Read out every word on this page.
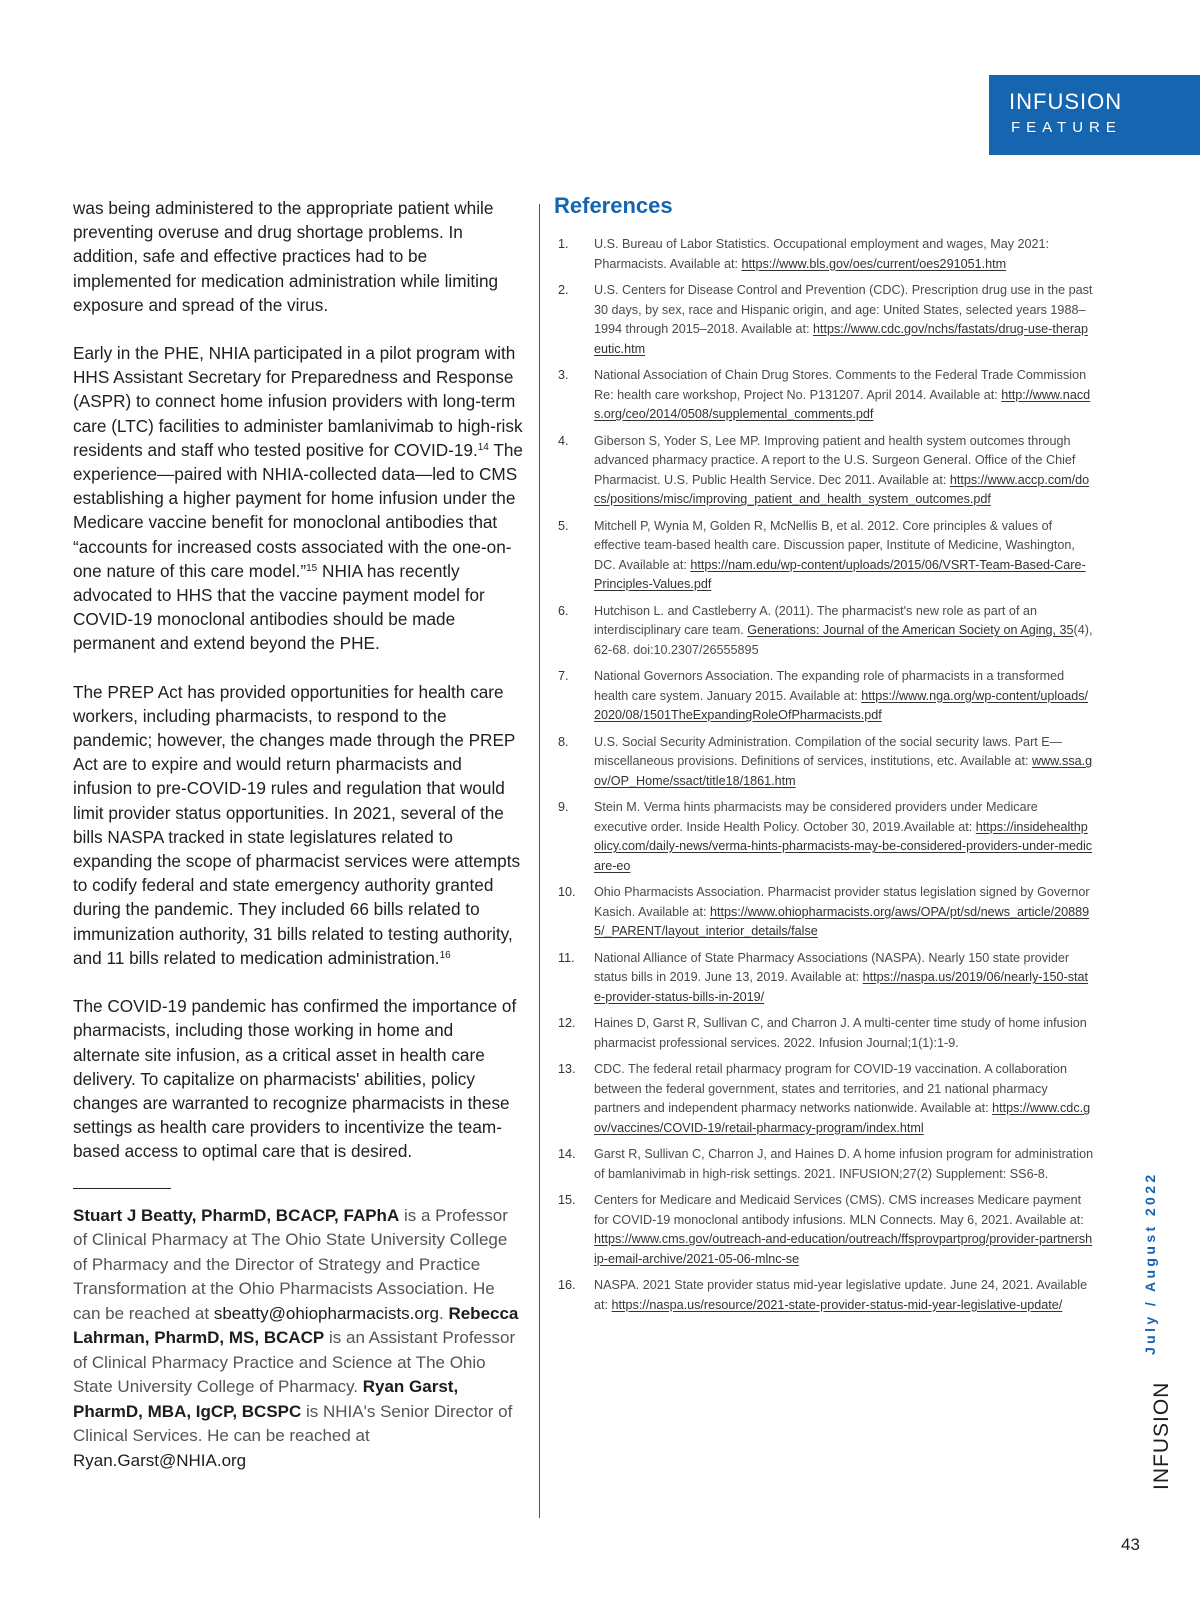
INFUSION
FEATURE

was being administered to the appropriate patient while preventing overuse and drug shortage problems. In addition, safe and effective practices had to be implemented for medication administration while limiting exposure and spread of the virus.

Early in the PHE, NHIA participated in a pilot program with HHS Assistant Secretary for Preparedness and Response (ASPR) to connect home infusion providers with long-term care (LTC) facilities to administer bamlanivimab to high-risk residents and staff who tested positive for COVID-19.14 The experience—paired with NHIA-collected data—led to CMS establishing a higher payment for home infusion under the Medicare vaccine benefit for monoclonal antibodies that “accounts for increased costs associated with the one-on-one nature of this care model.”$^{15}$ NHIA has recently advocated to HHS that the vaccine payment model for COVID-19 monoclonal antibodies should be made permanent and extend beyond the PHE.

The PREP Act has provided opportunities for health care workers, including pharmacists, to respond to the pandemic; however, the changes made through the PREP Act are to expire and would return pharmacists and infusion to pre-COVID-19 rules and regulation that would limit provider status opportunities. In 2021, several of the bills NASPA tracked in state legislatures related to expanding the scope of pharmacist services were attempts to codify federal and state emergency authority granted during the pandemic. They included 66 bills related to immunization authority, 31 bills related to testing authority, and 11 bills related to medication administration.$^{16}$

The COVID-19 pandemic has confirmed the importance of pharmacists, including those working in home and alternate site infusion, as a critical asset in health care delivery. To capitalize on pharmacists' abilities, policy changes are warranted to recognize pharmacists in these settings as health care providers to incentivize the team-based access to optimal care that is desired.

Stuart J Beatty, PharmD, BCACP, FAPhA is a Professor of Clinical Pharmacy at The Ohio State University College of Pharmacy and the Director of Strategy and Practice Transformation at the Ohio Pharmacists Association. He can be reached at sbeatty@ohiopharmacists.org. Rebecca Lahrman, PharmD, MS, BCACP is an Assistant Professor of Clinical Pharmacy Practice and Science at The Ohio State University College of Pharmacy. Ryan Garst, PharmD, MBA, IgCP, BCSPC is NHIA's Senior Director of Clinical Services. He can be reached at Ryan.Garst@NHIA.org

References
1. U.S. Bureau of Labor Statistics. Occupational employment and wages, May 2021: Pharmacists. Available at: https://www.bls.gov/oes/current/oes291051.htm
2. U.S. Centers for Disease Control and Prevention (CDC). Prescription drug use in the past 30 days, by sex, race and Hispanic origin, and age: United States, selected years 1988–1994 through 2015–2018. Available at: https://www.cdc.gov/nchs/fastats/drug-use-therapeutic.htm
3. National Association of Chain Drug Stores. Comments to the Federal Trade Commission Re: health care workshop, Project No. P131207. April 2014. Available at: http://www.nacds.org/ceo/2014/0508/supplemental_comments.pdf
4. Giberson S, Yoder S, Lee MP. Improving patient and health system outcomes through advanced pharmacy practice. A report to the U.S. Surgeon General. Office of the Chief Pharmacist. U.S. Public Health Service. Dec 2011. Available at: https://www.accp.com/docs/positions/misc/improving_patient_and_health_system_outcomes.pdf
5. Mitchell P, Wynia M, Golden R, McNellis B, et al. 2012. Core principles & values of effective team-based health care. Discussion paper, Institute of Medicine, Washington, DC. Available at: https://nam.edu/wp-content/uploads/2015/06/VSRT-Team-Based-Care-Principles-Values.pdf
6. Hutchison L. and Castleberry A. (2011). The pharmacist's new role as part of an interdisciplinary care team. Generations: Journal of the American Society on Aging, 35(4), 62-68. doi:10.2307/26555895
7. National Governors Association. The expanding role of pharmacists in a transformed health care system. January 2015. Available at: https://www.nga.org/wp-content/uploads/2020/08/1501TheExpandingRoleOfPharmacists.pdf
8. U.S. Social Security Administration. Compilation of the social security laws. Part E—miscellaneous provisions. Definitions of services, institutions, etc. Available at: www.ssa.gov/OP_Home/ssact/title18/1861.htm
9. Stein M. Verma hints pharmacists may be considered providers under Medicare executive order. Inside Health Policy. October 30, 2019.Available at: https://insidehealthpolicy.com/daily-news/verma-hints-pharmacists-may-be-considered-providers-under-medicare-eo
10. Ohio Pharmacists Association. Pharmacist provider status legislation signed by Governor Kasich. Available at: https://www.ohiopharmacists.org/aws/OPA/pt/sd/news_article/208895/_PARENT/layout_interior_details/false
11. National Alliance of State Pharmacy Associations (NASPA). Nearly 150 state provider status bills in 2019. June 13, 2019. Available at: https://naspa.us/2019/06/nearly-150-state-provider-status-bills-in-2019/
12. Haines D, Garst R, Sullivan C, and Charron J. A multi-center time study of home infusion pharmacist professional services. 2022. Infusion Journal;1(1):1-9.
13. CDC. The federal retail pharmacy program for COVID-19 vaccination. A collaboration between the federal government, states and territories, and 21 national pharmacy partners and independent pharmacy networks nationwide. Available at: https://www.cdc.gov/vaccines/COVID-19/retail-pharmacy-program/index.html
14. Garst R, Sullivan C, Charron J, and Haines D. A home infusion program for administration of bamlanivimab in high-risk settings. 2021. INFUSION;27(2) Supplement: SS6-8.
15. Centers for Medicare and Medicaid Services (CMS). CMS increases Medicare payment for COVID-19 monoclonal antibody infusions. MLN Connects. May 6, 2021. Available at: https://www.cms.gov/outreach-and-education/outreach/ffsprovpartprog/provider-partnership-email-archive/2021-05-06-mlnc-se
16. NASPA. 2021 State provider status mid-year legislative update. June 24, 2021. Available at: https://naspa.us/resource/2021-state-provider-status-mid-year-legislative-update/	July / August 2022
INFUSION
43
